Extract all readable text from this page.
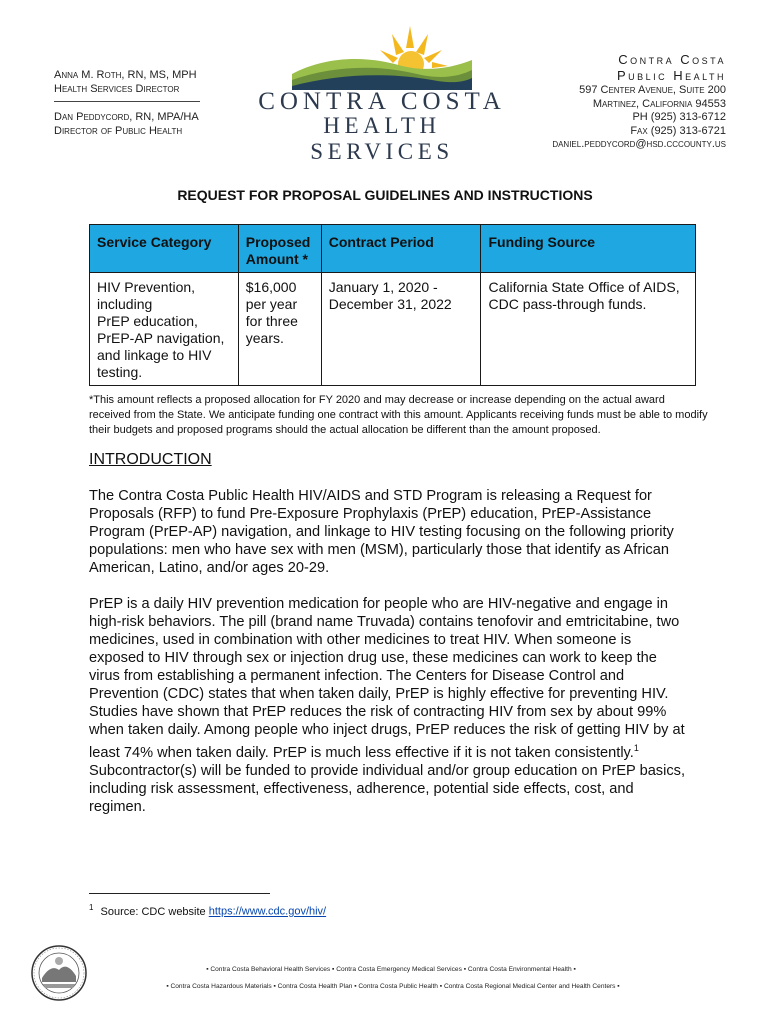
Anna M. Roth, RN, MS, MPH
Health Services Director
Dan Peddycord, RN, MPA/HA
Director of Public Health
CONTRA COSTA
HEALTH SERVICES
Contra Costa
Public Health
597 Center Avenue, Suite 200
Martinez, California 94553
PH (925) 313-6712
Fax (925) 313-6721
daniel.peddycord@hsd.cccounty.us
REQUEST FOR PROPOSAL GUIDELINES AND INSTRUCTIONS
Service Category	Proposed Amount *	Contract Period	Funding Source

HIV Prevention, including
PrEP education, PrEP-AP navigation, and linkage to HIV testing.	$16,000 per year for three years.	January 1, 2020 - December 31, 2022	California State Office of AIDS, CDC pass-through funds.
*This amount reflects a proposed allocation for FY 2020 and may decrease or increase depending on the actual award received from the State. We anticipate funding one contract with this amount. Applicants receiving funds must be able to modify their budgets and proposed programs should the actual allocation be different than the amount proposed.
INTRODUCTION
The Contra Costa Public Health HIV/AIDS and STD Program is releasing a Request for Proposals (RFP) to fund Pre-Exposure Prophylaxis (PrEP) education, PrEP-Assistance Program (PrEP-AP) navigation, and linkage to HIV testing focusing on the following priority populations: men who have sex with men (MSM), particularly those that identify as African American, Latino, and/or ages 20-29.
PrEP is a daily HIV prevention medication for people who are HIV-negative and engage in high-risk behaviors. The pill (brand name Truvada) contains tenofovir and emtricitabine, two medicines, used in combination with other medicines to treat HIV. When someone is exposed to HIV through sex or injection drug use, these medicines can work to keep the virus from establishing a permanent infection. The Centers for Disease Control and Prevention (CDC) states that when taken daily, PrEP is highly effective for preventing HIV. Studies have shown that PrEP reduces the risk of contracting HIV from sex by about 99% when taken daily. Among people who inject drugs, PrEP reduces the risk of getting HIV by at least 74% when taken daily. PrEP is much less effective if it is not taken consistently.$^1$ Subcontractor(s) will be funded to provide individual and/or group education on PrEP basics, including risk assessment, effectiveness, adherence, potential side effects, cost, and regimen.
$^1$ Source: CDC website https://www.cdc.gov/hiv/
▪ Contra Costa Behavioral Health Services ▪ Contra Costa Emergency Medical Services ▪ Contra Costa Environmental Health ▪
▪ Contra Costa Hazardous Materials ▪ Contra Costa Health Plan ▪ Contra Costa Public Health ▪ Contra Costa Regional Medical Center and Health Centers ▪
